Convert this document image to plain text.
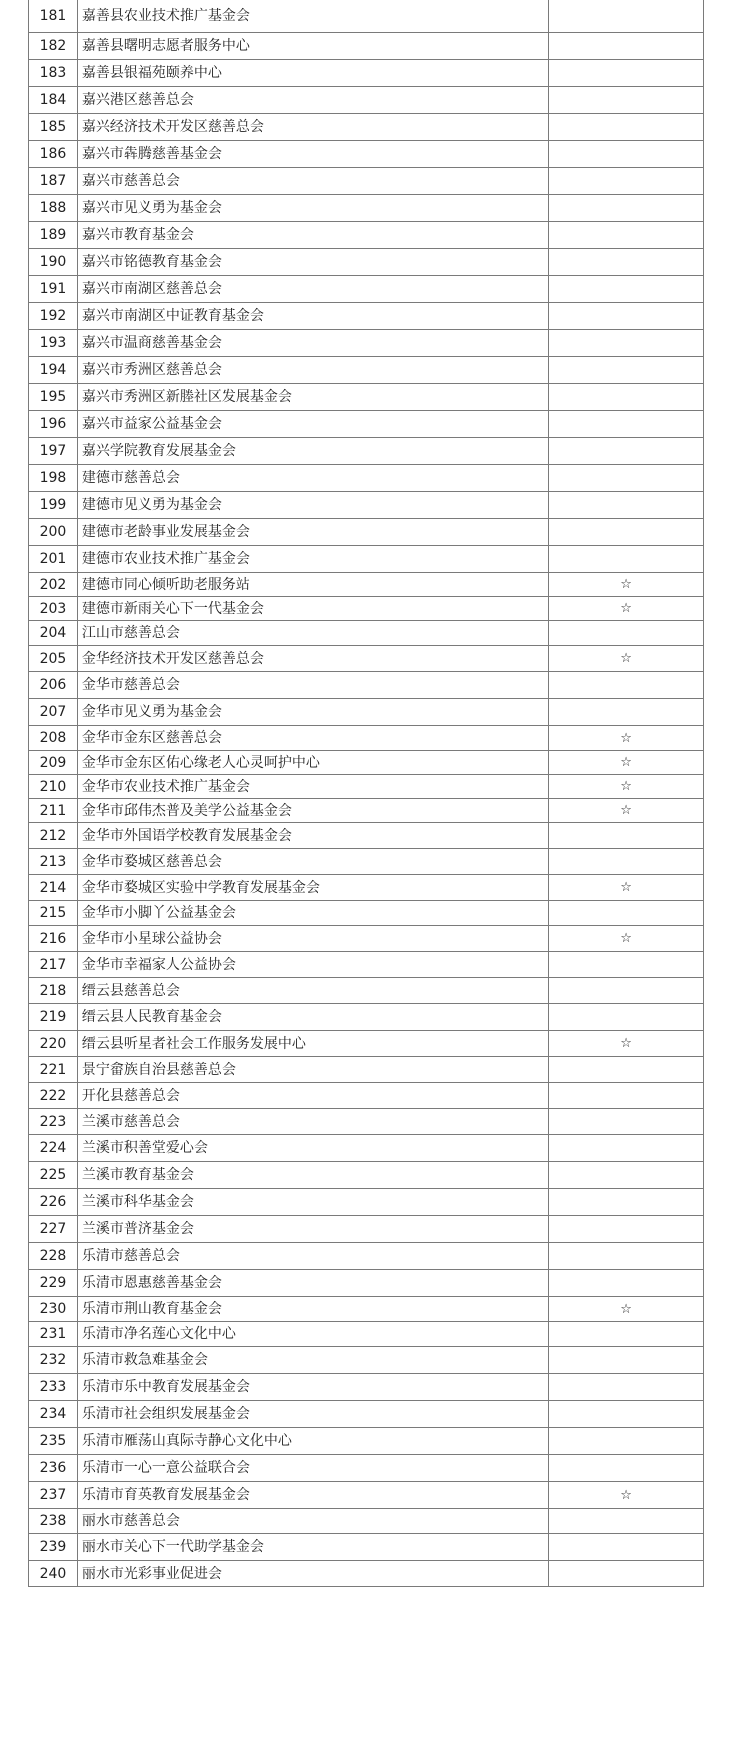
181	嘉善县农业技术推广基金会
182	嘉善县曙明志愿者服务中心
183	嘉善县银福苑颐养中心
184	嘉兴港区慈善总会
185	嘉兴经济技术开发区慈善总会
186	嘉兴市犇腾慈善基金会
187	嘉兴市慈善总会
188	嘉兴市见义勇为基金会
189	嘉兴市教育基金会
190	嘉兴市铭德教育基金会
191	嘉兴市南湖区慈善总会
192	嘉兴市南湖区中证教育基金会
193	嘉兴市温商慈善基金会
194	嘉兴市秀洲区慈善总会
195	嘉兴市秀洲区新塍社区发展基金会
196	嘉兴市益家公益基金会
197	嘉兴学院教育发展基金会
198	建德市慈善总会
199	建德市见义勇为基金会
200	建德市老龄事业发展基金会
201	建德市农业技术推广基金会
202	建德市同心倾听助老服务站	☆
203	建德市新雨关心下一代基金会	☆
204	江山市慈善总会
205	金华经济技术开发区慈善总会	☆
206	金华市慈善总会
207	金华市见义勇为基金会
208	金华市金东区慈善总会	☆
209	金华市金东区佑心缘老人心灵呵护中心	☆
210	金华市农业技术推广基金会	☆
211	金华市邱伟杰普及美学公益基金会	☆
212	金华市外国语学校教育发展基金会
213	金华市婺城区慈善总会
214	金华市婺城区实验中学教育发展基金会	☆
215	金华市小脚丫公益基金会
216	金华市小星球公益协会	☆
217	金华市幸福家人公益协会
218	缙云县慈善总会
219	缙云县人民教育基金会
220	缙云县听星者社会工作服务发展中心	☆
221	景宁畲族自治县慈善总会
222	开化县慈善总会
223	兰溪市慈善总会
224	兰溪市积善堂爱心会
225	兰溪市教育基金会
226	兰溪市科华基金会
227	兰溪市普济基金会
228	乐清市慈善总会
229	乐清市恩惠慈善基金会
230	乐清市荆山教育基金会	☆
231	乐清市净名莲心文化中心
232	乐清市救急难基金会
233	乐清市乐中教育发展基金会
234	乐清市社会组织发展基金会
235	乐清市雁荡山真际寺静心文化中心
236	乐清市一心一意公益联合会
237	乐清市育英教育发展基金会	☆
238	丽水市慈善总会
239	丽水市关心下一代助学基金会
240	丽水市光彩事业促进会
